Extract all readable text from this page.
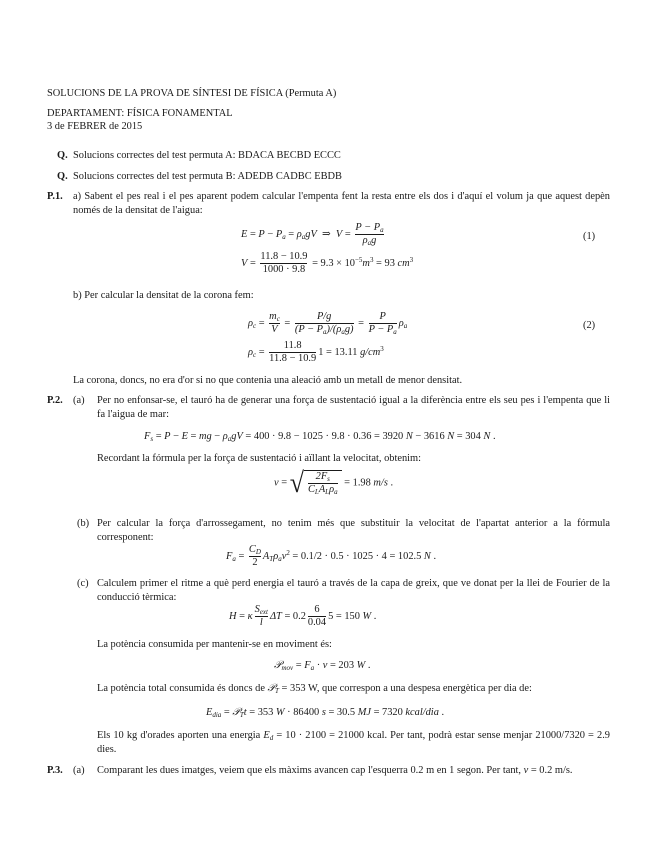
SOLUCIONS DE LA PROVA DE SÍNTESI DE FÍSICA (Permuta A)
DEPARTAMENT: FÍSICA FONAMENTAL
3 de FEBRER de 2015
Q. Solucions correctes del test permuta A: BDACA BECBD ECCC
Q. Solucions correctes del test permuta B: ADEDB CADBC EBDB
P.1. a) Sabent el pes real i el pes aparent podem calcular l'empenta fent la resta entre els dos i d'aquí el volum ja que aquest depèn només de la densitat de l'aigua:
$E = P - P_a = \rho_agV$  ⇒  $V = \frac{P - P_a}{\rho_ag}$	(1)
$V = \frac{11.8 - 10.9}{1000 \cdot 9.8} = 9.3 \times 10^{-5}m^3 = 93$ $cm^3$
b) Per calcular la densitat de la corona fem:
$\rho_c = \frac{m_c}{V} = \frac{P/g}{(P - P_a)/(\rho_ag)} = \frac{P}{P - P_a} \rho_a$	(2)
$\rho_c = \frac{11.8}{11.8 - 10.9} 1 = 13.11$ $g/cm^3$
La corona, doncs, no era d'or si no que contenia una aleació amb un metall de menor densitat.
P.2. (a) Per no enfonsar-se, el tauró ha de generar una força de sustentació igual a la diferència entre els seu pes i l'empenta que li fa l'aigua de mar:
$F_s = P - E$ = mg − $\rho_agV = 400 \cdot 9.8 - 1025 \cdot 9.8 \cdot 0.36 = 3920$ N − 3616 N = 304 N .
Recordant la fórmula per la força de sustentació i aïllant la velocitat, obtenim:
v = √ $\frac{2F_s}{C_LA_L\rho_a} = 1.98$ m/s .
(b) Per calcular la força d'arrossegament, no tenim més que substituir la velocitat de l'apartat anterior a la fórmula corresponent:
$F_a = \frac{C_D}{2} A_T\rho_av^2 = 0.1/2 \cdot 0.5 \cdot 1025 \cdot 4 = 102.5$ N .
(c) Calculem primer el ritme a què perd energia el tauró a través de la capa de greix, que ve donat per la llei de Fourier de la conducció tèrmica:
H = κ $\frac{S_{ext}}{l}$ $\Delta T = 0.2 \frac{6}{0.04} 5 = 150$ W .
La potència consumida per mantenir-se en moviment és:
𝒫$_{mov}$ = $F_a \cdot v = 203$ W .
La potència total consumida és doncs de 𝒫$_T$ = 353 W, que correspon a una despesa energètica per dia de:
$E_{dia}$ = 𝒫$_T$t = 353 W · 86400 s = 30.5 MJ = 7320 kcal/dia .
Els 10 kg d'orades aporten una energia $E_d = 10 \cdot 2100 = 21000$ kcal. Per tant, podrà estar sense menjar 21000/7320 = 2.9 dies.
P.3. (a) Comparant les dues imatges, veiem que els màxims avancen cap l'esquerra 0.2 m en 1 segon. Per tant, v = 0.2 m/s.
